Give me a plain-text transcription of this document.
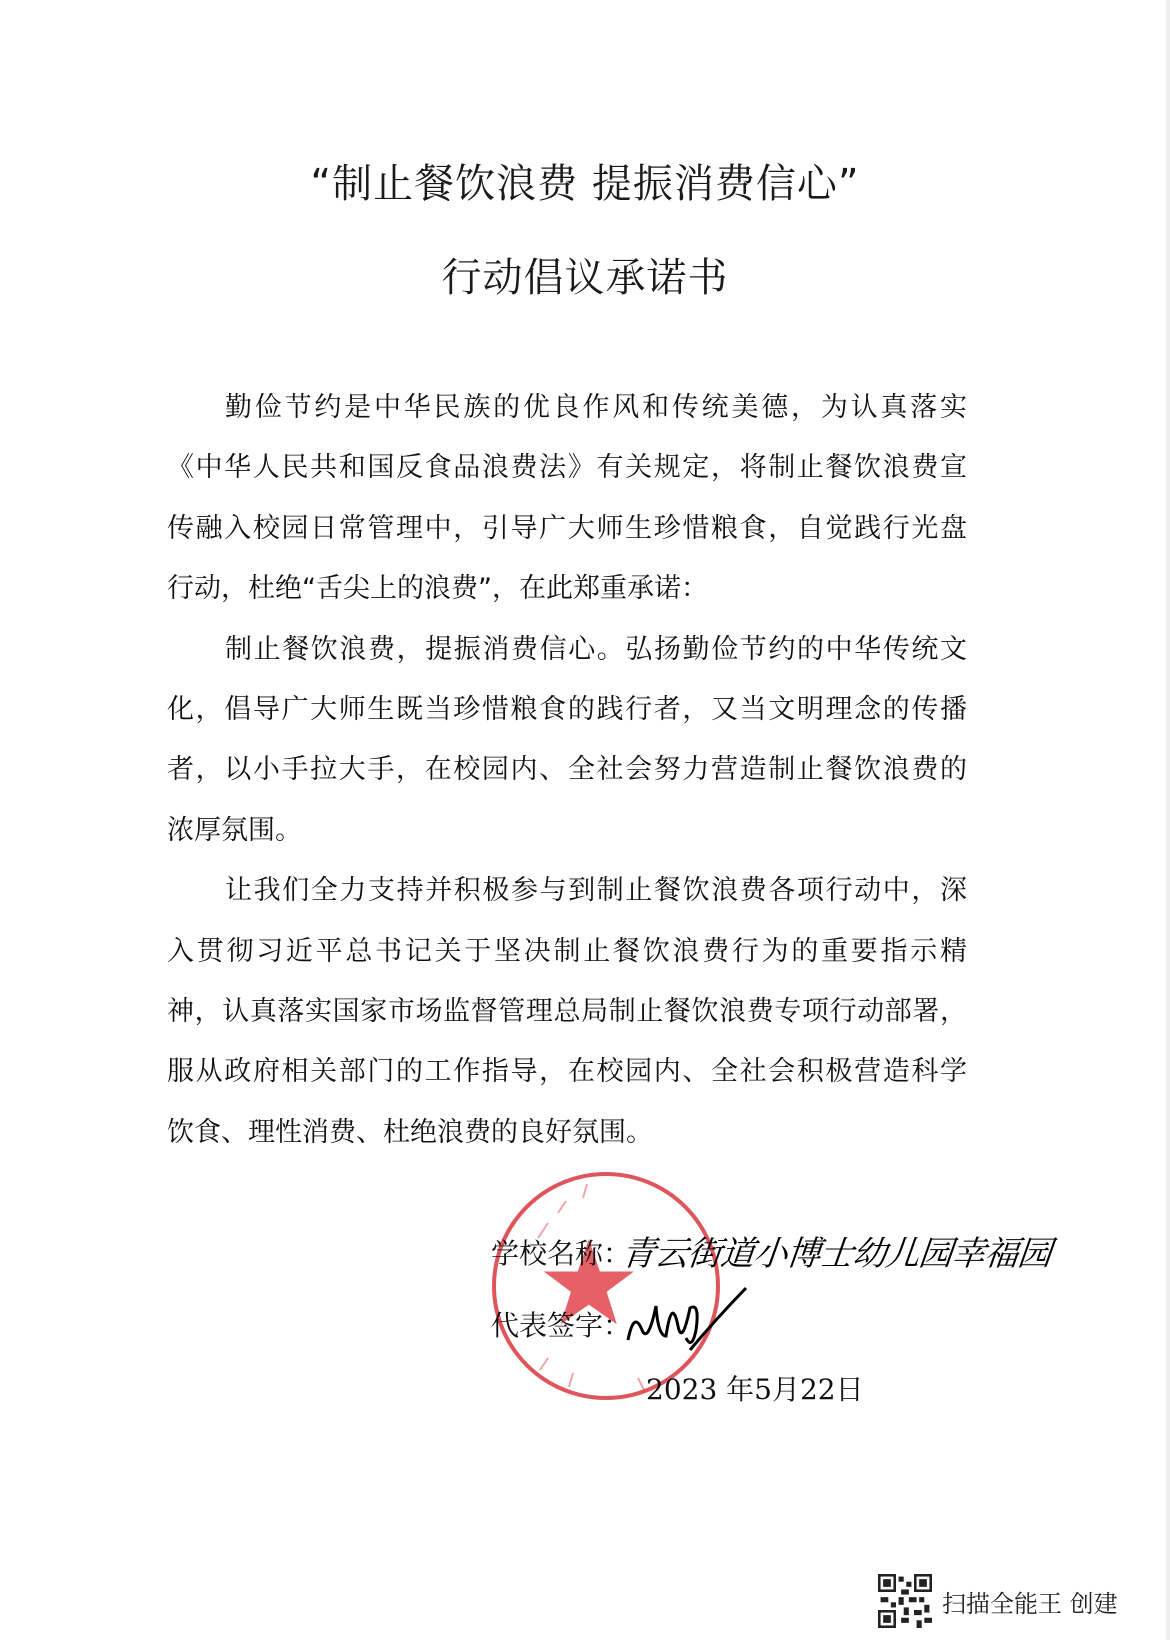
“制止餐饮浪费 提振消费信心”
行动倡议承诺书
勤俭节约是中华民族的优良作风和传统美德，为认真落实
《中华人民共和国反食品浪费法》有关规定，将制止餐饮浪费宣
传融入校园日常管理中，引导广大师生珍惜粮食，自觉践行光盘
行动，杜绝“舌尖上的浪费”，在此郑重承诺：
制止餐饮浪费，提振消费信心。弘扬勤俭节约的中华传统文
化，倡导广大师生既当珍惜粮食的践行者，又当文明理念的传播
者，以小手拉大手，在校园内、全社会努力营造制止餐饮浪费的
浓厚氛围。
让我们全力支持并积极参与到制止餐饮浪费各项行动中，深
入贯彻习近平总书记关于坚决制止餐饮浪费行为的重要指示精
神，认真落实国家市场监督管理总局制止餐饮浪费专项行动部署，
服从政府相关部门的工作指导，在校园内、全社会积极营造科学
饮食、理性消费、杜绝浪费的良好氛围。
学校名称：
青云街道小博士幼儿园幸福园
代表签字：
2023 年5月22日
扫描全能王 创建
